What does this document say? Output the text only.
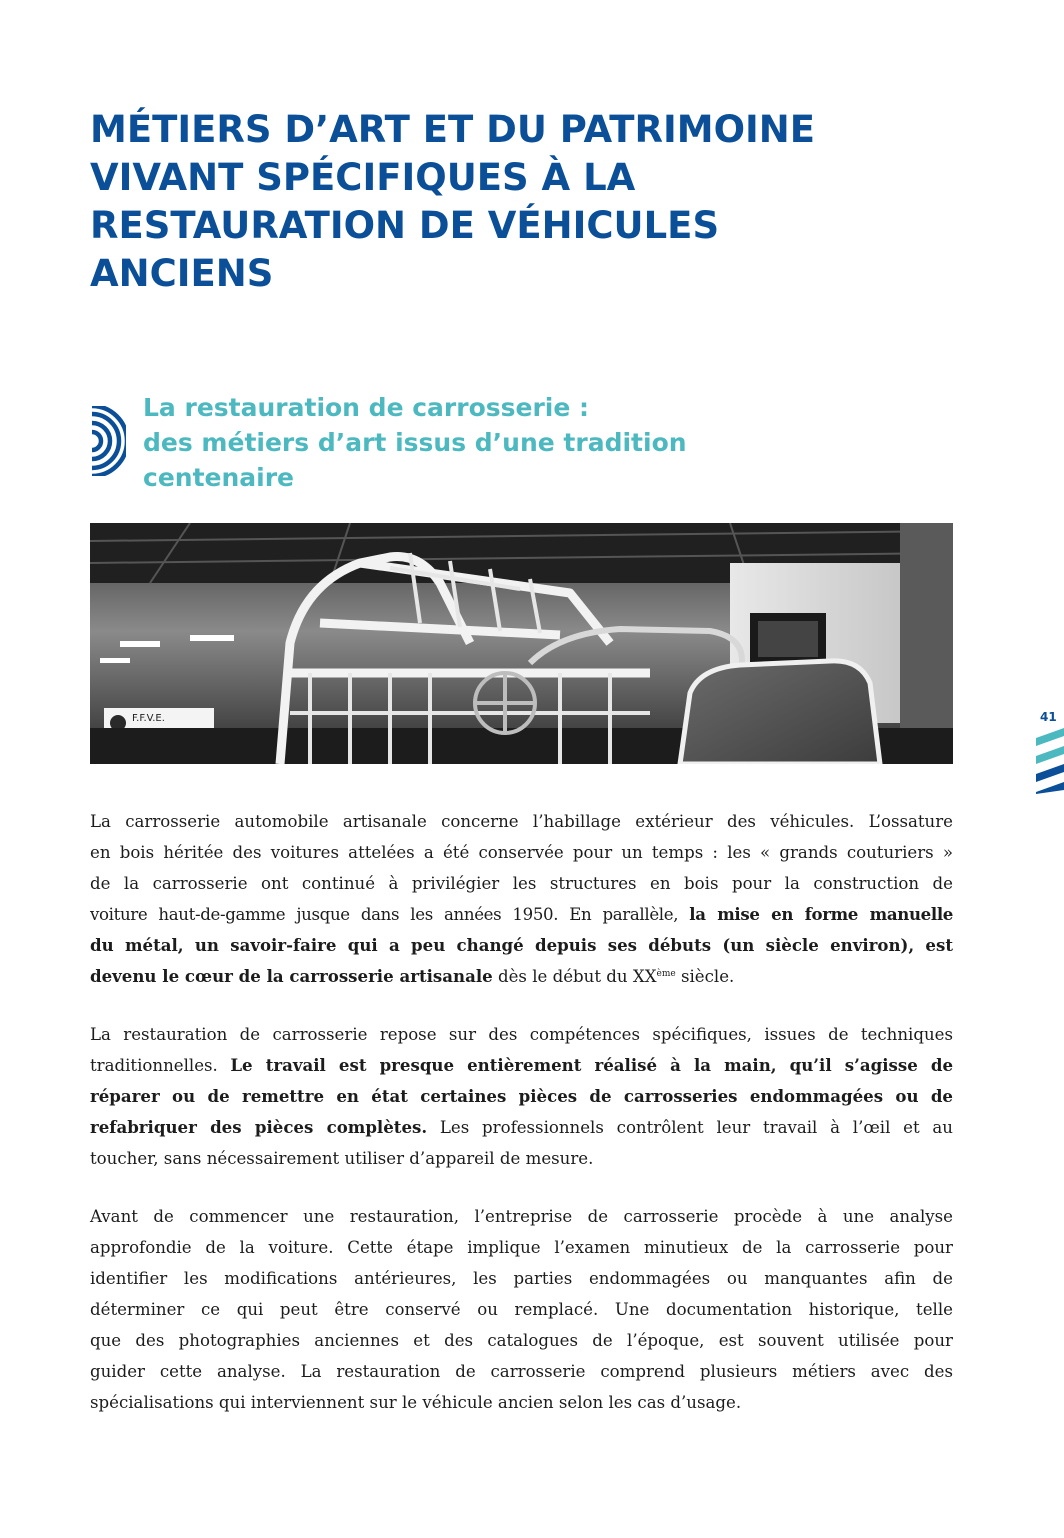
MÉTIERS D’ART ET DU PATRIMOINE
VIVANT SPÉCIFIQUES À LA
RESTAURATION DE VÉHICULES
ANCIENS
La restauration de carrosserie :
des métiers d’art issus d’une tradition
centenaire
F.F.V.E.	41
La carrosserie automobile artisanale concerne l’habillage extérieur des véhicules. L’ossature
en bois héritée des voitures attelées a été conservée pour un temps : les « grands couturiers »
de la carrosserie ont continué à privilégier les structures en bois pour la construction de
voiture haut-de-gamme jusque dans les années 1950. En parallèle, la mise en forme manuelle
du métal, un savoir-faire qui a peu changé depuis ses débuts (un siècle environ), est
devenu le cœur de la carrosserie artisanale dès le début du XXème siècle.
La restauration de carrosserie repose sur des compétences spécifiques, issues de techniques
traditionnelles. Le travail est presque entièrement réalisé à la main, qu’il s’agisse de
réparer ou de remettre en état certaines pièces de carrosseries endommagées ou de
refabriquer des pièces complètes. Les professionnels contrôlent leur travail à l’œil et au
toucher, sans nécessairement utiliser d’appareil de mesure.
Avant de commencer une restauration, l’entreprise de carrosserie procède à une analyse
approfondie de la voiture. Cette étape implique l’examen minutieux de la carrosserie pour
identifier les modifications antérieures, les parties endommagées ou manquantes afin de
déterminer ce qui peut être conservé ou remplacé. Une documentation historique, telle
que des photographies anciennes et des catalogues de l’époque, est souvent utilisée pour
guider cette analyse. La restauration de carrosserie comprend plusieurs métiers avec des
spécialisations qui interviennent sur le véhicule ancien selon les cas d’usage.
